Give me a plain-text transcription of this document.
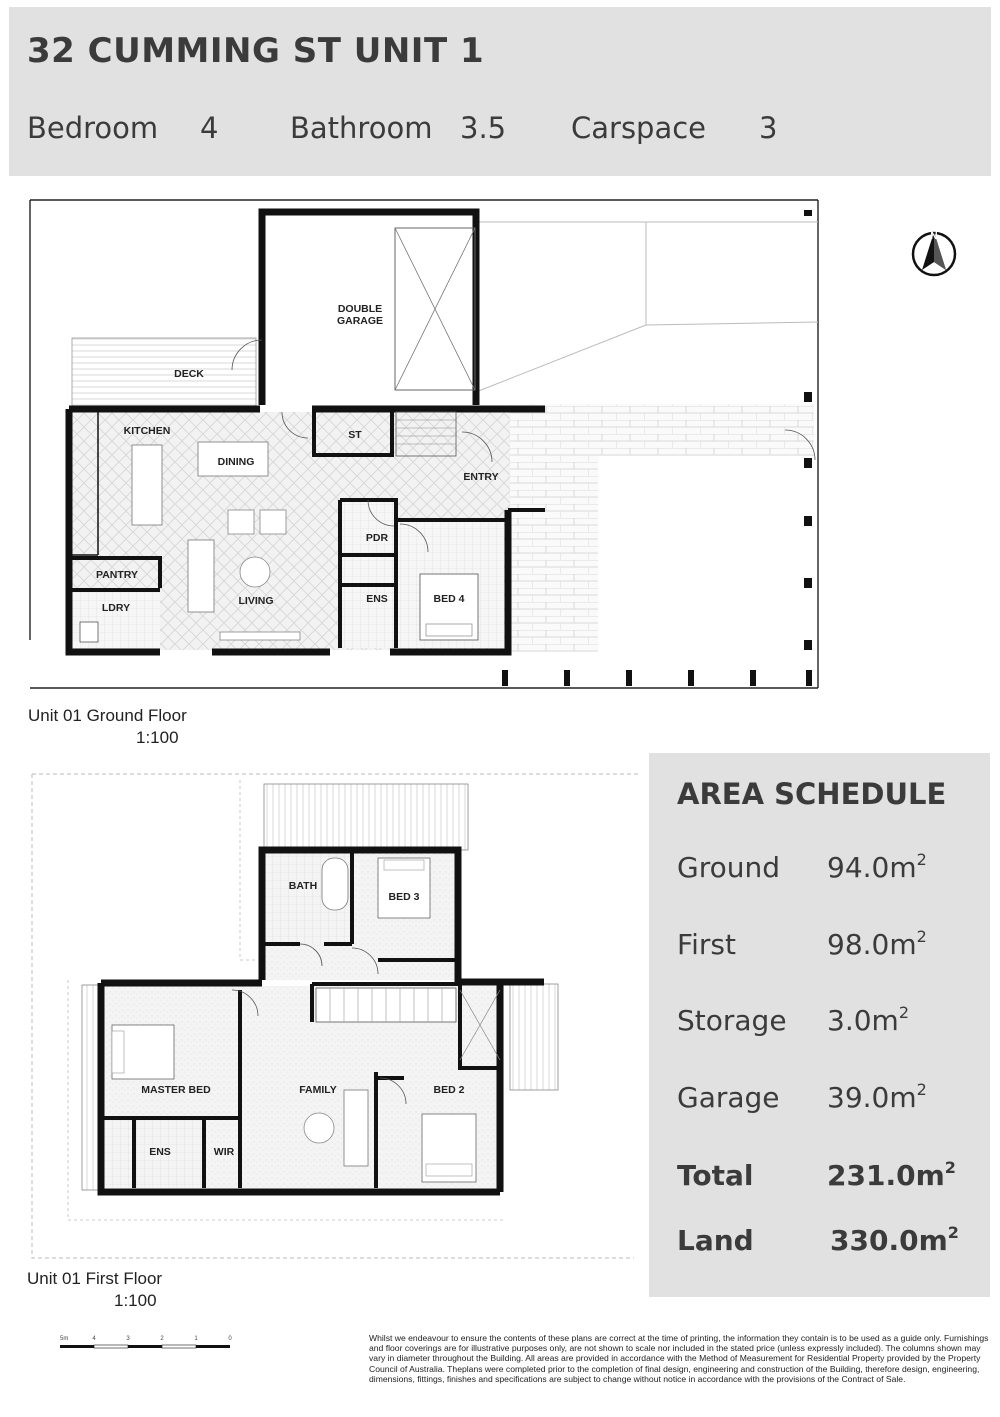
32 CUMMING ST UNIT 1
Bedroom 4 Bathroom 3.5 Carspace 3
DOUBLE
GARAGE
DECK
KITCHEN
DINING
ST
ENTRY
PDR
PANTRY
LDRY
LIVING	ENS	BED 4
N
Unit 01 Ground Floor
1:100
BATH
BED 3
MASTER BED	FAMILY	BED 2
ENS	WIR
Unit 01 First Floor
1:100
AREA SCHEDULE
Ground $94.0m^2$
First	$98.0m^2$
Storage $3.0m^2$
Garage $39.0m^2$
Total	$231.0m^2$
Land	$330.0m^2$
5m	4	3	2	1	0	Whilst we endeavour to ensure the contents of these plans are correct at the time of printing, the information they contain is to be used as a guide only. Furnishings and floor coverings are for illustrative purposes only, are not shown to scale nor included in the stated price (unless expressly included). The columns shown may vary in diameter throughout the Building. All areas are provided in accordance with the Method of Measurement for Residential Property provided by the Property Council of Australia. Theplans were completed prior to the completion of final design, engineering and construction of the Building, therefore design, engineering, dimensions, fittings, finishes and specifications are subject to change without notice in accordance with the provisions of the Contract of Sale.
